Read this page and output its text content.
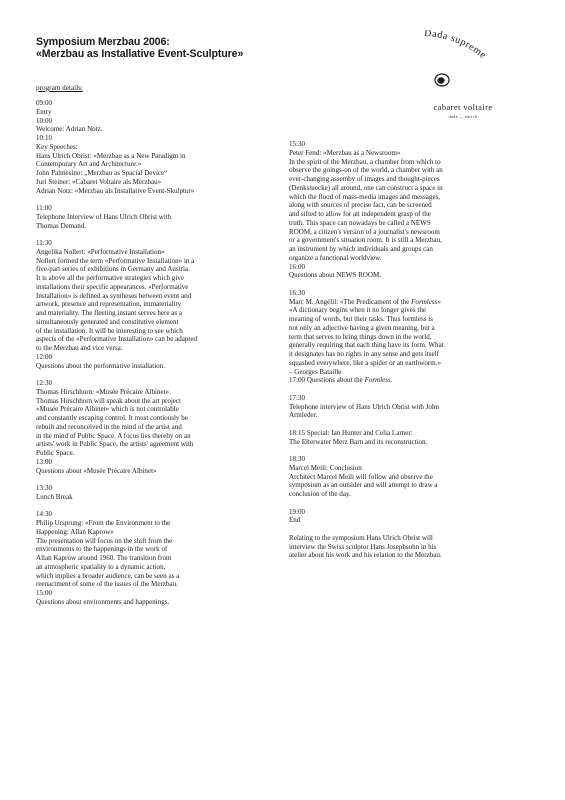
Symposium Merzbau 2006:
«Merzbau as Installative Event-Sculpture»
program details:
Dada supreme
cabaret voltaire
dada — zürich
09:00
Entry
10:00
Welcome: Adrian Notz.
10:10
Key Speeches:
Hans Ulrich Obrist: «Merzbau as a New Paradigm in
Contemporary Art and Architecture.»
John Palmesino: „Merzbau as Spacial Device“
Juri Steiner: «Cabaret Voltaire als Merzbau»
Adrian Notz: «Merzbau als Installative Event-Skulptur»
11:00
Telephone Interview of Hans Ulrich Obrist with
Thomas Demand.
11:30
Angelika Nollert: «Performative Installation»
Nollert formed the term «Performative Installation» in a
five-part series of exhibitions in Germany and Austria.
It is above all the performative strategies which give
installations their specific appearances. «Performative
Installation» is defined as syntheses between event and
artwork, presence and representation, immateriality
and materiality. The fleeting instant serves here as a
simultaneously generated and constitutive element
of the installation. It will be interesting to see which
aspects of the «Performative Installation» can be adapted
to the Merzbau and vice versa.
12:00
Questions about the performative installation.
12:30
Thomas Hirschhorn: «Musée Précaire Albinet».
Thomas Hirschhorn will speak about the art project
«Musée Précaire Albinet» which is not controlable
and constantly escaping control. It must contiously be
rebuilt and reconceived in the mind of the artist and
in the mind of Public Space. A focus lies thereby on an
artists' work in Public Space, the artists' agreement with
Public Space.
13:00
Questions about «Musée Précaire Albinet»
13:30
Lunch Break
14:30
Philip Ursprung: «From the Environment to the
Happening: Allan Kaprow»
The presentation will focus on the shift from the
environments to the happenings in the work of
Allan Kaprow around 1960. The transition from
an atmospheric spatiality to a dynamic action,
which implies a broader audience, can be seen as a
reenactment of some of the issues of the Merzbau.
15:00
Questions about environments and happenings.
15:30
Peter Fend: «Merzbau as a Newsroom»
In the spirit of the Merzbau, a chamber from which to
observe the goings-on of the world, a chamber with an
ever-changing assemby of images and thought-pieces
(Denkstuecke) all around, one can construct a space in
which the flood of mass-media images and messages,
along with sources of precise fact, can be screened
and sifted to allow for an independent grasp of the
truth. This space can nowadays be called a NEWS
ROOM, a citizen's version of a journalist's newsroom
or a government's situation room. It is still a Merzbau,
an instrument by which individuals and groups can
organize a functional worldview.
16:00
Questions about NEWS ROOM.
16:30
Marc M. Angélil: «The Predicament of the Formless»
«A dictionary begins when it no longer gives the
meaning of words, but their tasks. Thus formless is
not only an adjective having a given meaning, but a
term that serves to bring things down in the world,
generally requiring that each thing have its form. What
it designates has no rights in any sense and gets itself
squashed everywhere, like a spider or an earthworm.»
– Georges Bataille
17:00 Questions about the Formless.
17:30
Telephone interview of Hans Ulrich Obrist with John
Armleder.
18:15 Special: Ian Hunter and Celia Larner:
The Elterwater Merz Barn and its reconstruction.
18:30
Marcel Meili: Conclusion
Architect Marcel Meili will follow and observe the
symposium as an outsider and will attempt to draw a
conclusion of the day.
19:00
End
Relating to the symposium Hans Ulrich Obrist will
interview the Swiss sculptor Hans Josephsohn in his
atelier about his work and his relation to the Merzbau.
